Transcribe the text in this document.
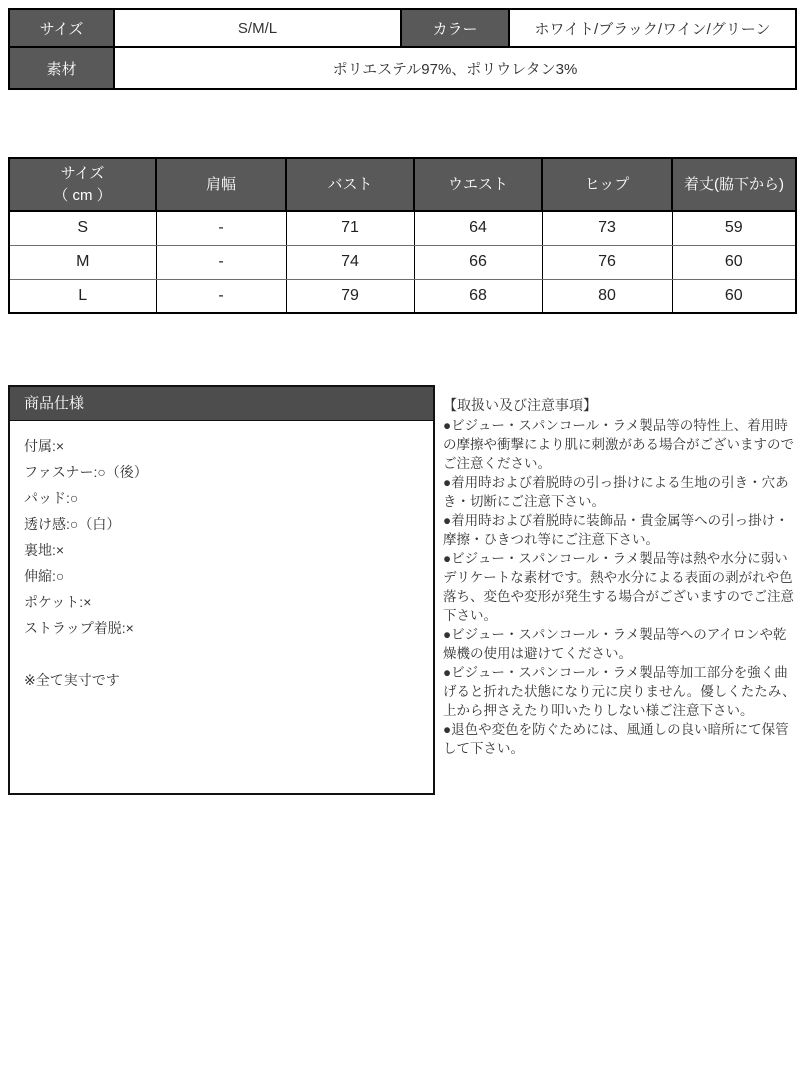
サイズ	S/M/L	カラー	ホワイト/ブラック/ワイン/グリーン
素材	ポリエステル97%、ポリウレタン3%		
サイズ
（ cm ）	肩幅	バスト	ウエスト	ヒップ	着丈(脇下から)
S	-	71	64	73	59
M	-	74	66	76	60
L	-	79	68	80	60
商品仕様
付属:×
ファスナー:○（後）
パッド:○
透け感:○（白）
裏地:×
伸縮:○
ポケット:×
ストラップ着脱:×
※全て実寸です
【取扱い及び注意事項】

●ビジュー・スパンコール・ラメ製品等の特性上、着用時の摩擦や衝撃により肌に刺激がある場合がございますのでご注意ください。

●着用時および着脱時の引っ掛けによる生地の引き・穴あき・切断にご注意下さい。

●着用時および着脱時に装飾品・貴金属等への引っ掛け・摩擦・ひきつれ等にご注意下さい。

●ビジュー・スパンコール・ラメ製品等は熱や水分に弱いデリケートな素材です。熱や水分による表面の剥がれや色落ち、変色や変形が発生する場合がございますのでご注意下さい。

●ビジュー・スパンコール・ラメ製品等へのアイロンや乾燥機の使用は避けてください。

●ビジュー・スパンコール・ラメ製品等加工部分を強く曲げると折れた状態になり元に戻りません。優しくたたみ、上から押さえたり叩いたりしない様ご注意下さい。

●退色や変色を防ぐためには、風通しの良い暗所にて保管して下さい。
